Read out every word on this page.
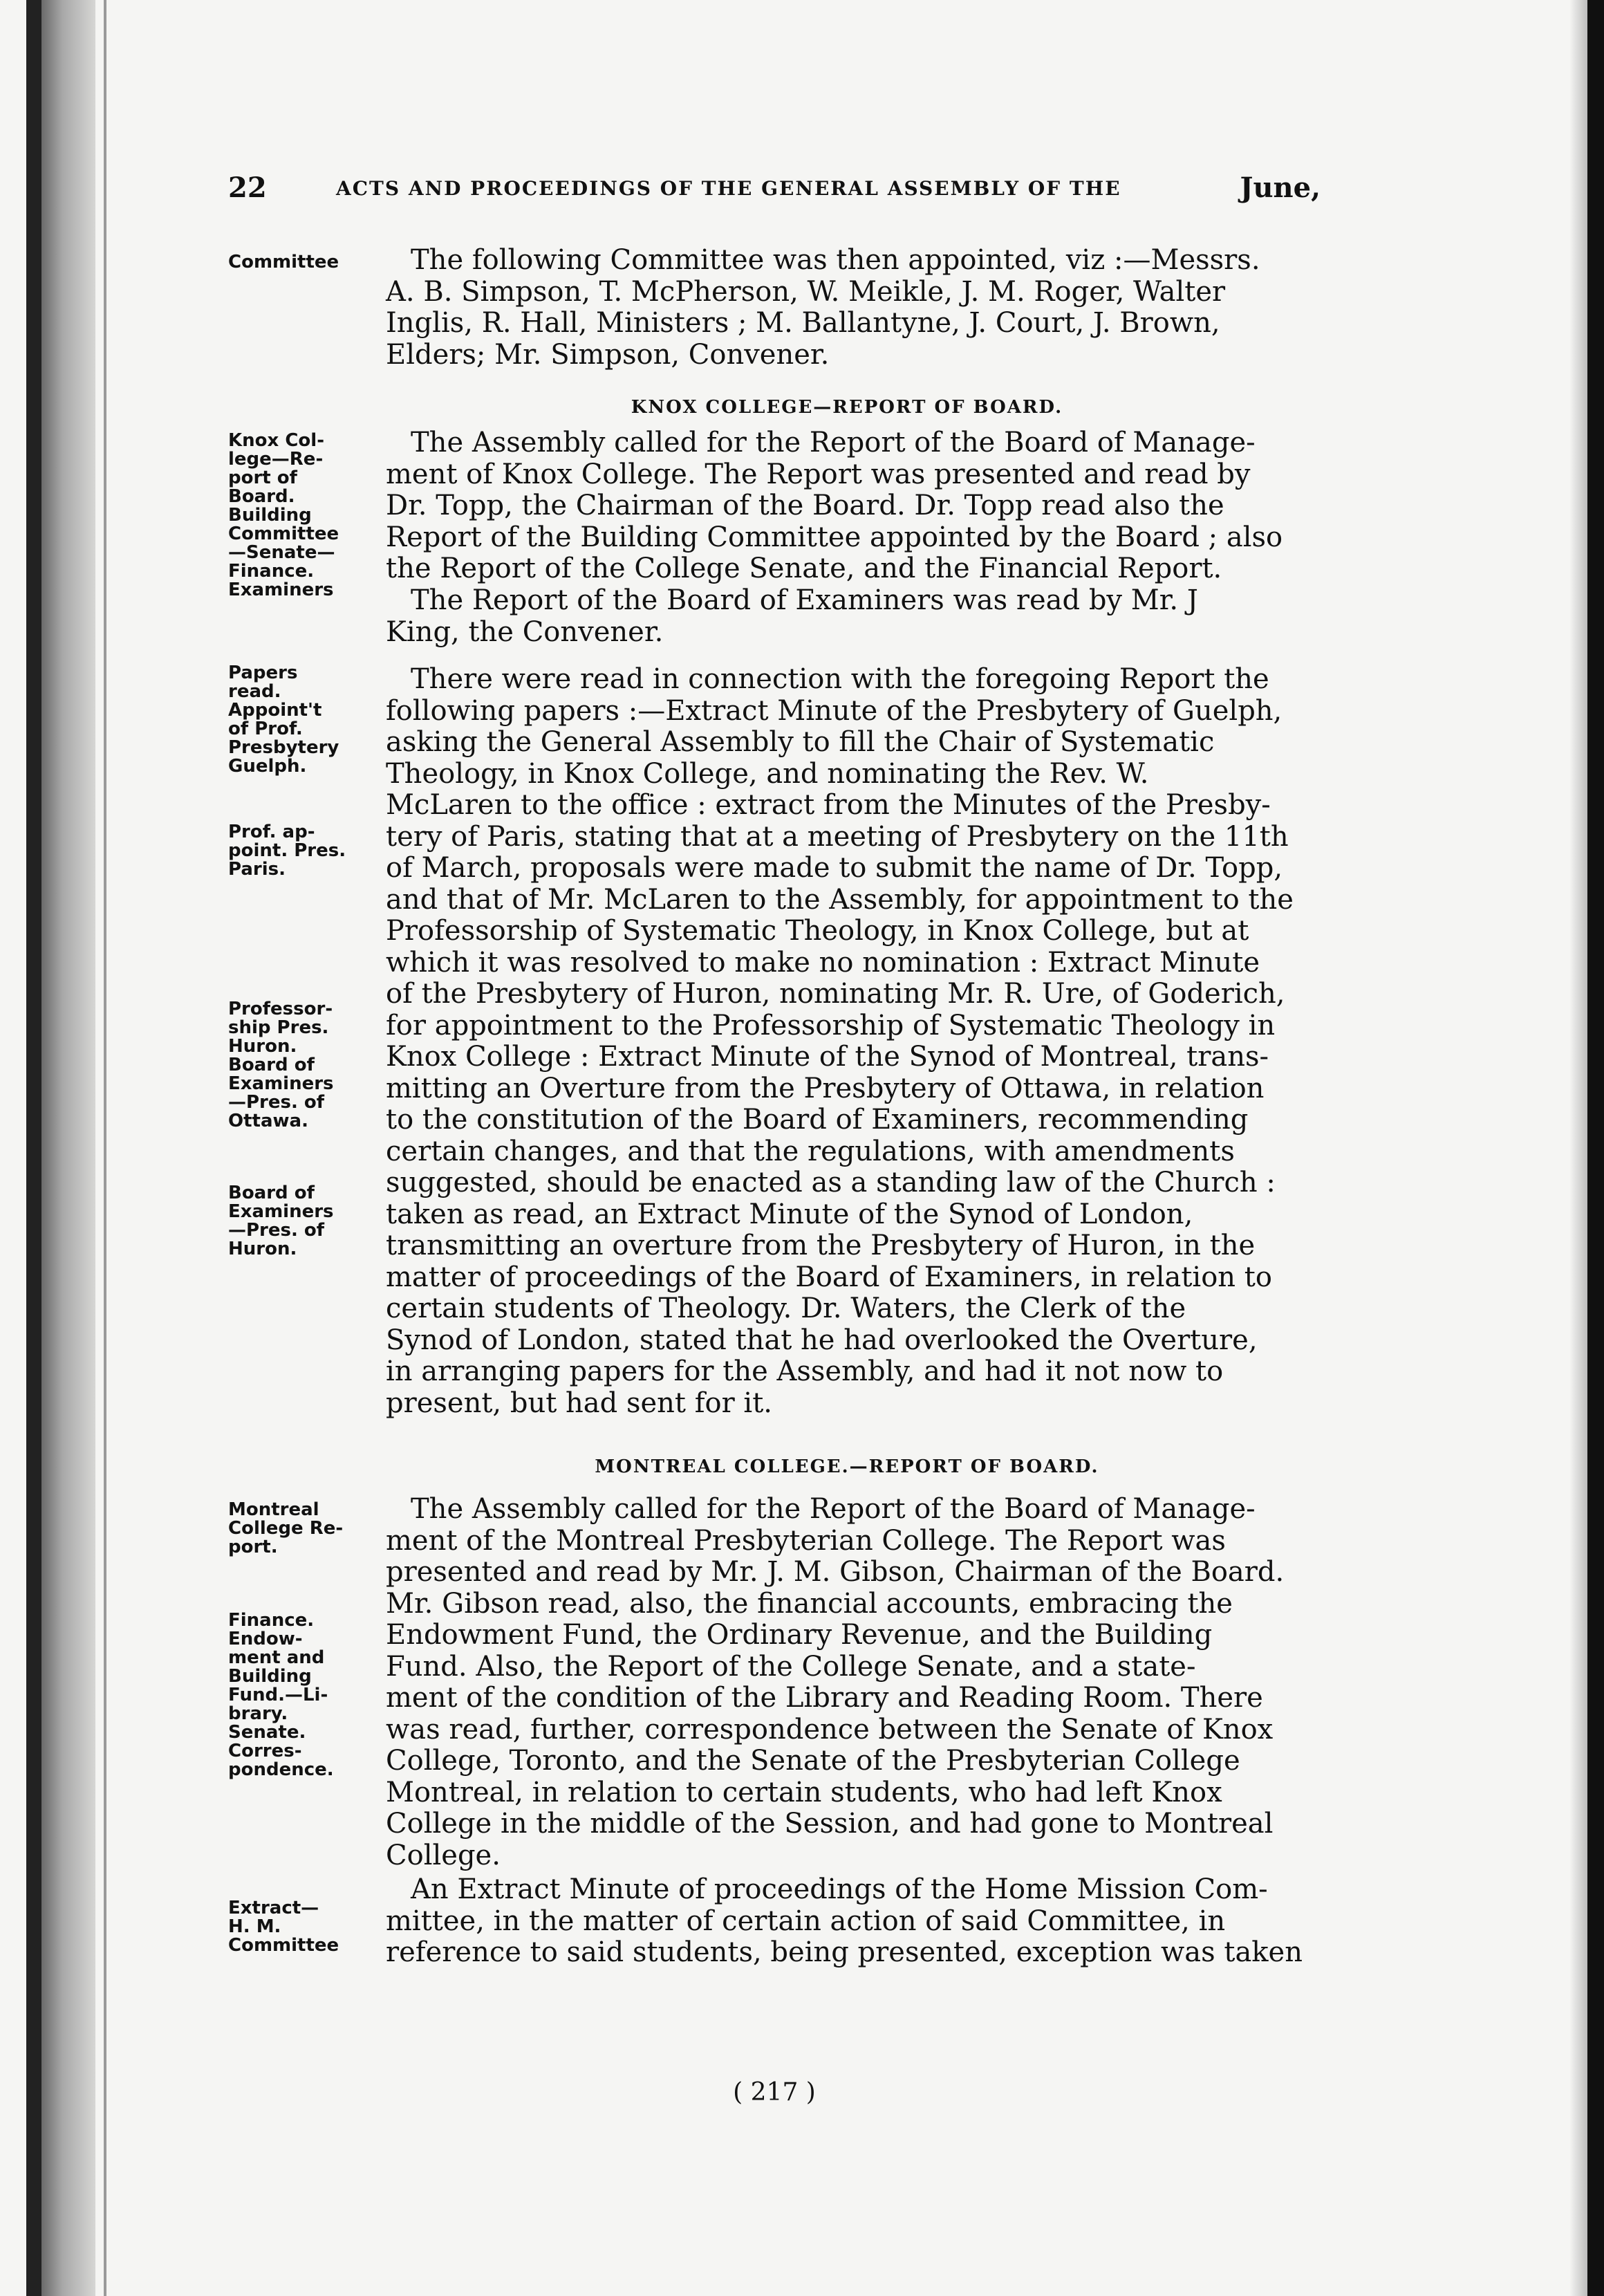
22	ACTS AND PROCEEDINGS OF THE GENERAL ASSEMBLY OF THE	June,
Committee	The following Committee was then appointed, viz :—Messrs.
A. B. Simpson, T. McPherson, W. Meikle, J. M. Roger, Walter
Inglis, R. Hall, Ministers ; M. Ballantyne, J. Court, J. Brown,
Elders; Mr. Simpson, Convener.
KNOX COLLEGE—REPORT OF BOARD.
Knox Col-
lege—Re-
port of
Board.
Building
Committee
—Senate—
Finance.
Examiners
The Assembly called for the Report of the Board of Manage-
ment of Knox College. The Report was presented and read by
Dr. Topp, the Chairman of the Board. Dr. Topp read also the
Report of the Building Committee appointed by the Board ; also
the Report of the College Senate, and the Financial Report.
The Report of the Board of Examiners was read by Mr. J
King, the Convener.
Papers
read.
Appoint't
of Prof.
Presbytery
Guelph.
Prof. ap-
point. Pres.
Paris.
Professor-
ship Pres.
Huron.
Board of
Examiners
—Pres. of
Ottawa.
Board of
Examiners
—Pres. of
Huron.
There were read in connection with the foregoing Report the
following papers :—Extract Minute of the Presbytery of Guelph,
asking the General Assembly to fill the Chair of Systematic
Theology, in Knox College, and nominating the Rev. W.
McLaren to the office : extract from the Minutes of the Presby-
tery of Paris, stating that at a meeting of Presbytery on the 11th
of March, proposals were made to submit the name of Dr. Topp,
and that of Mr. McLaren to the Assembly, for appointment to the
Professorship of Systematic Theology, in Knox College, but at
which it was resolved to make no nomination : Extract Minute
of the Presbytery of Huron, nominating Mr. R. Ure, of Goderich,
for appointment to the Professorship of Systematic Theology in
Knox College : Extract Minute of the Synod of Montreal, trans-
mitting an Overture from the Presbytery of Ottawa, in relation
to the constitution of the Board of Examiners, recommending
certain changes, and that the regulations, with amendments
suggested, should be enacted as a standing law of the Church :
taken as read, an Extract Minute of the Synod of London,
transmitting an overture from the Presbytery of Huron, in the
matter of proceedings of the Board of Examiners, in relation to
certain students of Theology. Dr. Waters, the Clerk of the
Synod of London, stated that he had overlooked the Overture,
in arranging papers for the Assembly, and had it not now to
present, but had sent for it.
MONTREAL COLLEGE.—REPORT OF BOARD.
Montreal
College Re-
port.
Finance.
Endow-
ment and
Building
Fund.—Li-
brary.
Senate.
Corres-
pondence.
The Assembly called for the Report of the Board of Manage-
ment of the Montreal Presbyterian College. The Report was
presented and read by Mr. J. M. Gibson, Chairman of the Board.
Mr. Gibson read, also, the financial accounts, embracing the
Endowment Fund, the Ordinary Revenue, and the Building
Fund. Also, the Report of the College Senate, and a state-
ment of the condition of the Library and Reading Room. There
was read, further, correspondence between the Senate of Knox
College, Toronto, and the Senate of the Presbyterian College
Montreal, in relation to certain students, who had left Knox
College in the middle of the Session, and had gone to Montreal
College.
Extract—
H. M.
Committee
An Extract Minute of proceedings of the Home Mission Com-
mittee, in the matter of certain action of said Committee, in
reference to said students, being presented, exception was taken
( 217 )
